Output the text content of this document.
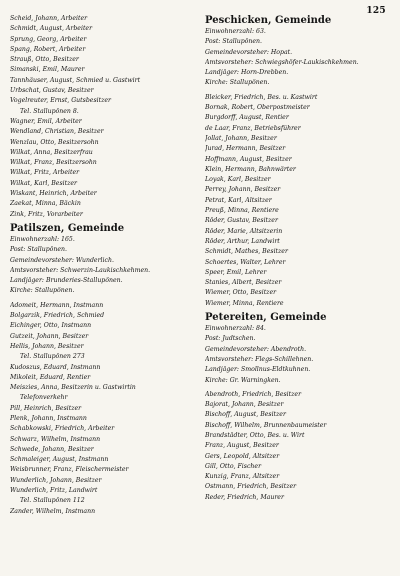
125
Scheid, Johann, Arbeiter
Schmidt, August, Arbeiter
Sprung, Georg, Arbeiter
Spang, Robert, Arbeiter
Strauß, Otto, Besitzer
Simanski, Emil, Maurer
Tannhäuser, August, Schmied u. Gastwirt
Urbschat, Gustav, Besitzer
Vogelreuter, Ernst, Gutsbesitzer
Tel. Stallupönen 8.
Wagner, Emil, Arbeiter
Wendland, Christian, Besitzer
Wenzlau, Otto, Besitzersohn
Wilkat, Anna, Besitzerfrau
Wilkat, Franz, Besitzersohn
Wilkat, Fritz, Arbeiter
Wilkat, Karl, Besitzer
Wiskant, Heinrich, Arbeiter
Zaekat, Minna, Bäckin
Zink, Fritz, Vorarbeiter
Patilszen, Gemeinde
Einwohnerzahl: 165.
Post: Stallupönen.
Gemeindevorsteher: Wunderlich.
Amtsvorsteher: Schwerzin-Laukischkehmen.
Landjäger: Brunderies-Stallupönen.
Kirche: Stallupönen.
Adomeit, Hermann, Instmann
Bolgarzik, Friedrich, Schmied
Eichinger, Otto, Instmann
Gutzeit, Johann, Besitzer
Hellis, Johann, Besitzer
Tel. Stallupönen 273
Kudoszus, Eduard, Instmann
Mikoleit, Eduard, Rentier
Meiszies, Anna, Besitzerin u. Gastwirtin
Telefonverkehr
Pill, Heinrich, Besitzer
Plenk, Johann, Instmann
Schabkowski, Friedrich, Arbeiter
Schwarz, Wilhelm, Instmann
Schwede, Johann, Besitzer
Schmaleiger, August, Instmann
Weisbrunner, Franz, Fleischermeister
Wunderlich, Johann, Besitzer
Wunderlich, Fritz, Landwirt
Tel. Stallupönen 112
Zander, Wilhelm, Instmann
Peschicken, Gemeinde
Einwohnerzahl: 63.
Post: Stallupönen.
Gemeindevorsteher: Hopat.
Amtsvorsteher: Schwiegshöfer-Laukischkehmen.
Landjäger: Horn-Drebben.
Kirche: Stallupönen.
Bleicker, Friedrich, Bes. u. Kastwirt
Bornak, Robert, Oberpostmeister
Burgdorff, August, Rentier
de Laar, Franz, Betriebsführer
Jollat, Johann, Besitzer
Jurad, Hermann, Besitzer
Hoffmann, August, Besitzer
Klein, Hermann, Bahnwärter
Loyak, Karl, Besitzer
Perrey, Johann, Besitzer
Petrat, Karl, Altsitzer
Preuß, Minna, Rentiere
Röder, Gustav, Besitzer
Röder, Marie, Altsitzerin
Röder, Arthur, Landwirt
Schmidt, Mathes, Besitzer
Schoertes, Walter, Lehrer
Speer, Emil, Lehrer
Stanies, Albert, Besitzer
Wiemer, Otto, Besitzer
Wiemer, Minna, Rentiere
Petereiten, Gemeinde
Einwohnerzahl: 84.
Post: Judtschen.
Gemeindevorsteher: Abendroth.
Amtsvorsteher: Flegs-Schillehnen.
Landjäger: Smollnus-Eldtkuhnen.
Kirche: Gr. Warningken.
Abendroth, Friedrich, Besitzer
Bajorat, Johann, Besitzer
Bischoff, August, Besitzer
Bischoff, Wilhelm, Brunnenbaumeister
Brandstädter, Otto, Bes. u. Wirt
Franz, August, Besitzer
Gers, Leopold, Altsitzer
Gill, Otto, Fischer
Kunzig, Franz, Altsitzer
Ostmann, Friedrich, Besitzer
Reder, Friedrich, Maurer
